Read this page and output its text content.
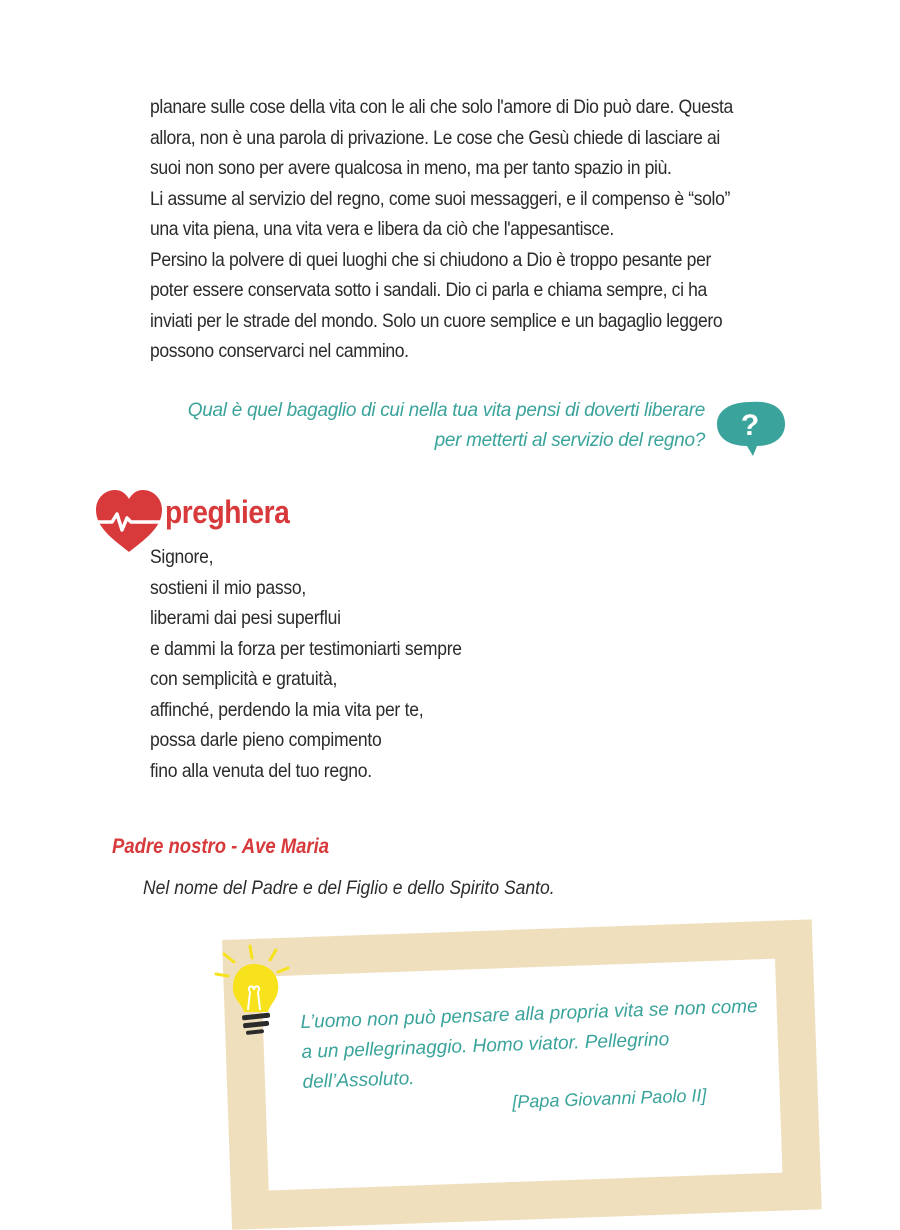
planare sulle cose della vita con le ali che solo l'amore di Dio può dare. Questa

allora, non è una parola di privazione. Le cose che Gesù chiede di lasciare ai

suoi non sono per avere qualcosa in meno, ma per tanto spazio in più.

Li assume al servizio del regno, come suoi messaggeri, e il compenso è “solo”

una vita piena, una vita vera e libera da ciò che l'appesantisce.

Persino la polvere di quei luoghi che si chiudono a Dio è troppo pesante per

poter essere conservata sotto i sandali. Dio ci parla e chiama sempre, ci ha

inviati per le strade del mondo. Solo un cuore semplice e un bagaglio leggero

possono conservarci nel cammino.

Qual è quel bagaglio di cui nella tua vita pensi di doverti liberare
per metterti al servizio del regno? ?
preghiera
Signore,
sostieni il mio passo,
liberami dai pesi superflui
e dammi la forza per testimoniarti sempre
con semplicità e gratuità,
affinché, perdendo la mia vita per te,
possa darle pieno compimento
fino alla venuta del tuo regno.
Padre nostro - Ave Maria
Nel nome del Padre e del Figlio e dello Spirito Santo.
L’uomo non può pensare alla propria vita se non come a un pellegrinaggio. Homo viator. Pellegrino dell’Assoluto.
[Papa Giovanni Paolo II]
